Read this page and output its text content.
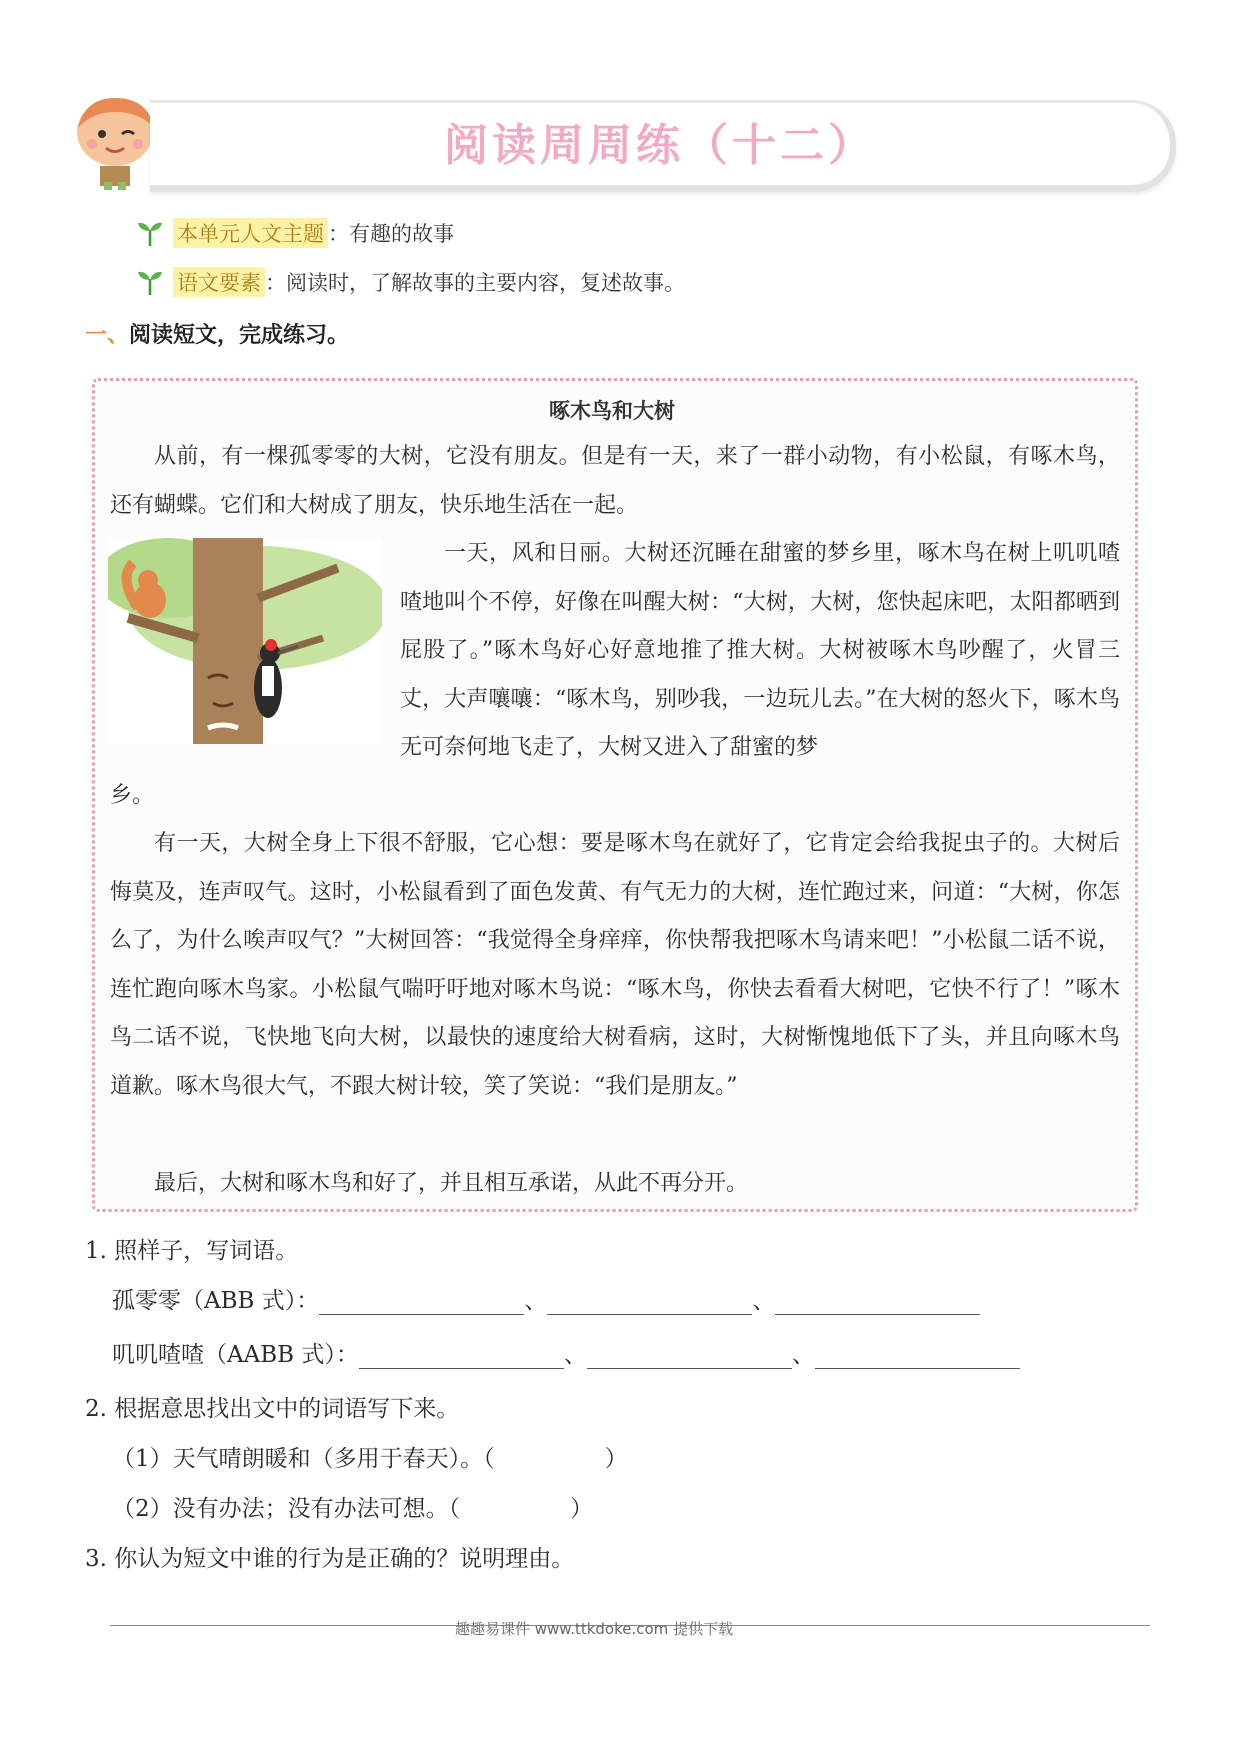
阅读周周练（十二）
本单元人文主题 ： 有趣的故事
语文要素 ： 阅读时，了解故事的主要内容，复述故事。
一、阅读短文，完成练习。
啄木鸟和大树
从前，有一棵孤零零的大树，它没有朋友。但是有一天，来了一群小动物，有小松鼠，有啄木鸟，还有蝴蝶。它们和大树成了朋友，快乐地生活在一起。
一天，风和日丽。大树还沉睡在甜蜜的梦乡里，啄木鸟在树上叽叽喳喳地叫个不停，好像在叫醒大树：“大树，大树，您快起床吧，太阳都晒到屁股了。”啄木鸟好心好意地推了推大树。大树被啄木鸟吵醒了，火冒三丈，大声嚷嚷：“啄木鸟，别吵我，一边玩儿去。”在大树的怒火下，啄木鸟无可奈何地飞走了，大树又进入了甜蜜的梦
乡。
有一天，大树全身上下很不舒服，它心想：要是啄木鸟在就好了，它肯定会给我捉虫子的。大树后悔莫及，连声叹气。这时，小松鼠看到了面色发黄、有气无力的大树，连忙跑过来，问道：“大树，你怎么了，为什么唉声叹气？”大树回答：“我觉得全身痒痒，你快帮我把啄木鸟请来吧！”小松鼠二话不说，连忙跑向啄木鸟家。小松鼠气喘吁吁地对啄木鸟说：“啄木鸟，你快去看看大树吧，它快不行了！”啄木鸟二话不说，飞快地飞向大树，以最快的速度给大树看病，这时，大树惭愧地低下了头，并且向啄木鸟道歉。啄木鸟很大气，不跟大树计较，笑了笑说：“我们是朋友。”
最后，大树和啄木鸟和好了，并且相互承诺，从此不再分开。
1. 照样子，写词语。
孤零零（ABB 式）：	、	、
叽叽喳喳（AABB 式）：	、	、
2. 根据意思找出文中的词语写下来。
（1）天气晴朗暖和（多用于春天）。（	）
（2）没有办法；没有办法可想。（	）
3. 你认为短文中谁的行为是正确的？说明理由。
趣趣易课件 www.ttkdoke.com 提供下载
